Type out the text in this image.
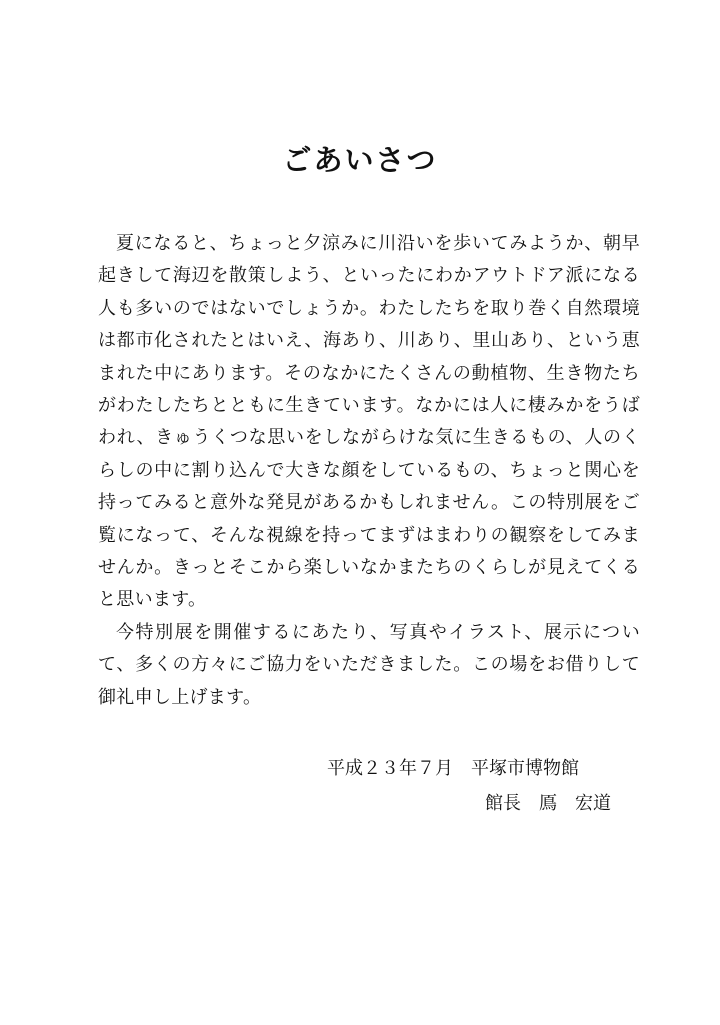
ごあいさつ

夏になると、ちょっと夕涼みに川沿いを歩いてみようか、朝早起きして海辺を散策しよう、といったにわかアウトドア派になる人も多いのではないでしょうか。わたしたちを取り巻く自然環境は都市化されたとはいえ、海あり、川あり、里山あり、という恵まれた中にあります。そのなかにたくさんの動植物、生き物たちがわたしたちとともに生きています。なかには人に棲みかをうばわれ、きゅうくつな思いをしながらけな気に生きるもの、人のくらしの中に割り込んで大きな顔をしているもの、ちょっと関心を持ってみると意外な発見があるかもしれません。この特別展をご覧になって、そんな視線を持ってまずはまわりの観察をしてみませんか。きっとそこから楽しいなかまたちのくらしが見えてくると思います。

今特別展を開催するにあたり、写真やイラスト、展示について、多くの方々にご協力をいただきました。この場をお借りして御礼申し上げます。

平成２３年７月 平塚市博物館
館長 鳫 宏道
